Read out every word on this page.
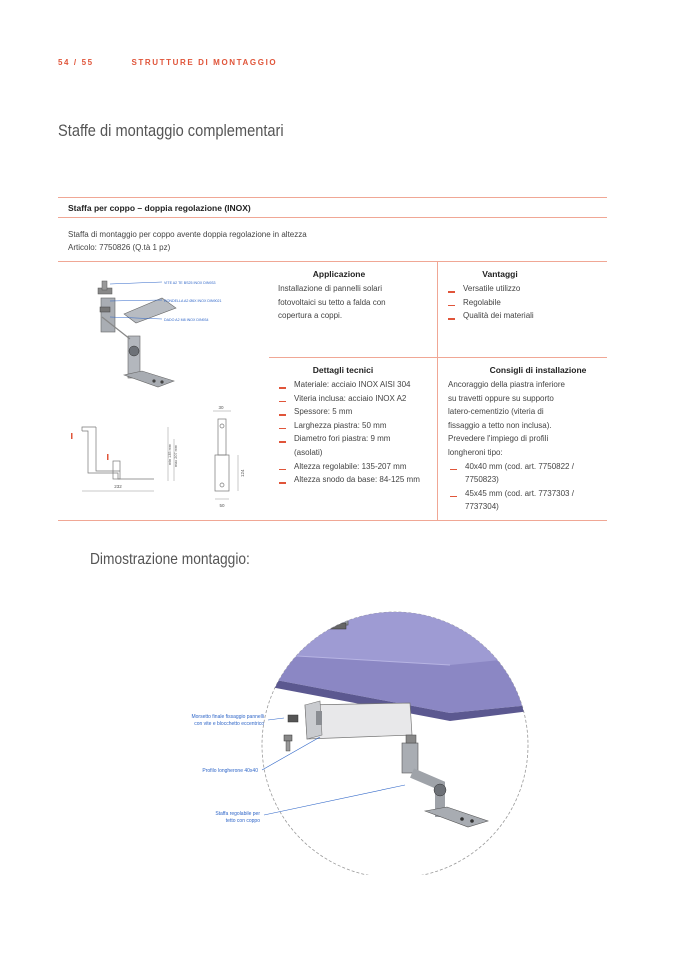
54 / 55	STRUTTURE DI MONTAGGIO
Staffe di montaggio complementari
Staffa per coppo – doppia regolazione (INOX)
Staffa di montaggio per coppo avente doppia regolazione in altezza
Articolo: 7750826 (Q.tà 1 pz)
Applicazione
Installazione di pannelli solari
fotovoltaici su tetto a falda con
copertura a coppi.
Vantaggi
Versatile utilizzo
Regolabile
Qualità dei materiali
Dettagli tecnici
Materiale: acciaio INOX AISI 304
Viteria inclusa: acciaio INOX A2
Spessore: 5 mm
Larghezza piastra: 50 mm
Diametro fori piastra: 9 mm (asolati)
Altezza regolabile: 135-207 mm
Altezza snodo da base: 84-125 mm
Consigli di installazione
Ancoraggio della piastra inferiore
su travetti oppure su supporto
latero-cementizio (viteria di
fissaggio a tetto non inclusa).
Prevedere l'impiego di profili
longheroni tipo:
40x40 mm (cod. art. 7750822 / 7750823)
45x45 mm (cod. art. 7737303 / 7737304)
VITE A2 TE BS25 INOX DIN933
RONDELLA A2 Ø6X INOX DIN9021
DADO A2 M8 INOX DIN934
232
min 135 mm max 207 mm
30
124
50
Dimostrazione montaggio:
Morsetto finale fissaggio pannelli
con vite e blocchetto eccentrico
Profilo longherone 40x40
Staffa regolabile per
tetto con coppo
